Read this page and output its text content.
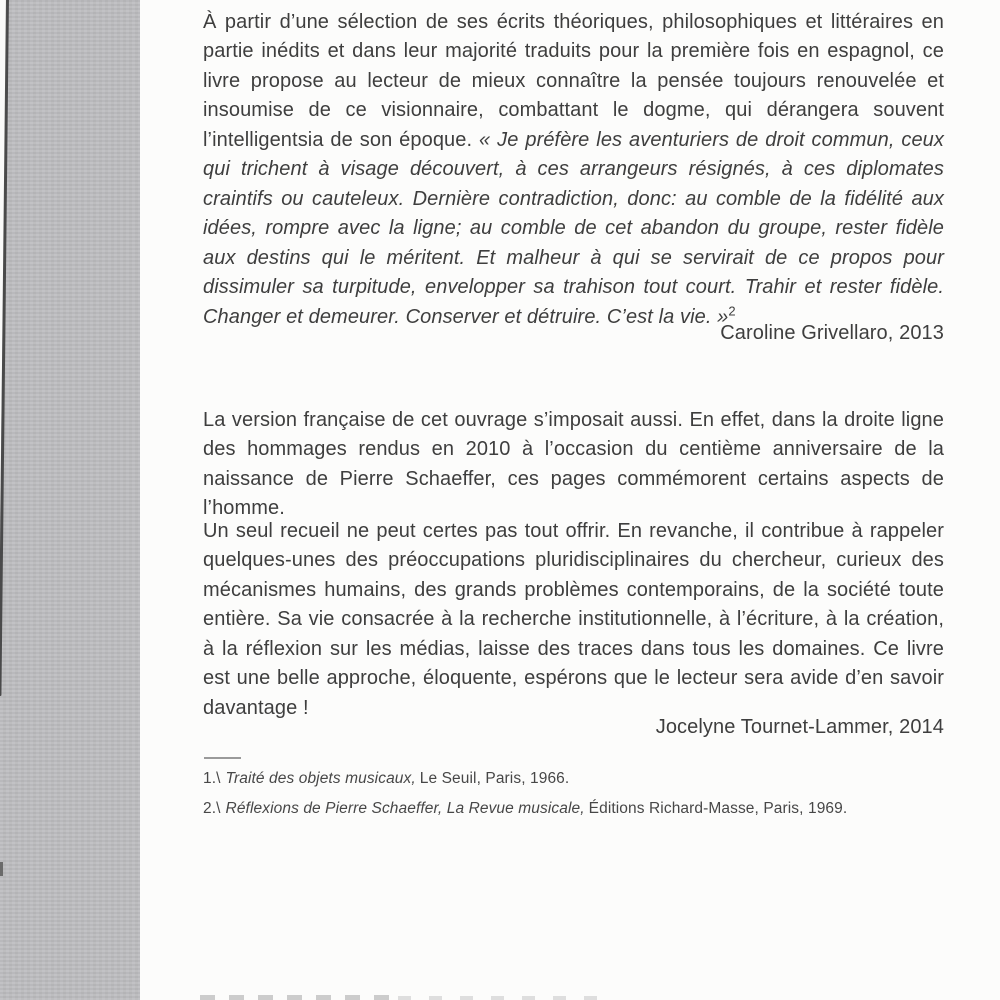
À partir d’une sélection de ses écrits théoriques, philosophiques et littéraires en partie inédits et dans leur majorité traduits pour la première fois en espagnol, ce livre propose au lecteur de mieux connaître la pensée toujours renouvelée et insoumise de ce visionnaire, combattant le dogme, qui dérangera souvent l’intelligentsia de son époque. « Je préfère les aventuriers de droit commun, ceux qui trichent à visage découvert, à ces arrangeurs résignés, à ces diplomates craintifs ou cauteleux. Dernière contradiction, donc: au comble de la fidélité aux idées, rompre avec la ligne; au comble de cet abandon du groupe, rester fidèle aux destins qui le méritent. Et malheur à qui se servirait de ce propos pour dissimuler sa turpitude, envelopper sa trahison tout court. Trahir et rester fidèle. Changer et demeurer. Conserver et détruire. C’est la vie. »$^2$
Caroline Grivellaro, 2013
La version française de cet ouvrage s’imposait aussi. En effet, dans la droite ligne des hommages rendus en 2010 à l’occasion du centième anniversaire de la naissance de Pierre Schaeffer, ces pages commémorent certains aspects de l’homme.
Un seul recueil ne peut certes pas tout offrir. En revanche, il contribue à rappeler quelques-unes des préoccupations pluridisciplinaires du chercheur, curieux des mécanismes humains, des grands problèmes contemporains, de la société toute entière. Sa vie consacrée à la recherche institutionnelle, à l’écriture, à la création, à la réflexion sur les médias, laisse des traces dans tous les domaines. Ce livre est une belle approche, éloquente, espérons que le lecteur sera avide d’en savoir davantage !
Jocelyne Tournet-Lammer, 2014
1.\ Traité des objets musicaux, Le Seuil, Paris, 1966.
2.\ Réflexions de Pierre Schaeffer, La Revue musicale, Éditions Richard-Masse, Paris, 1969.
